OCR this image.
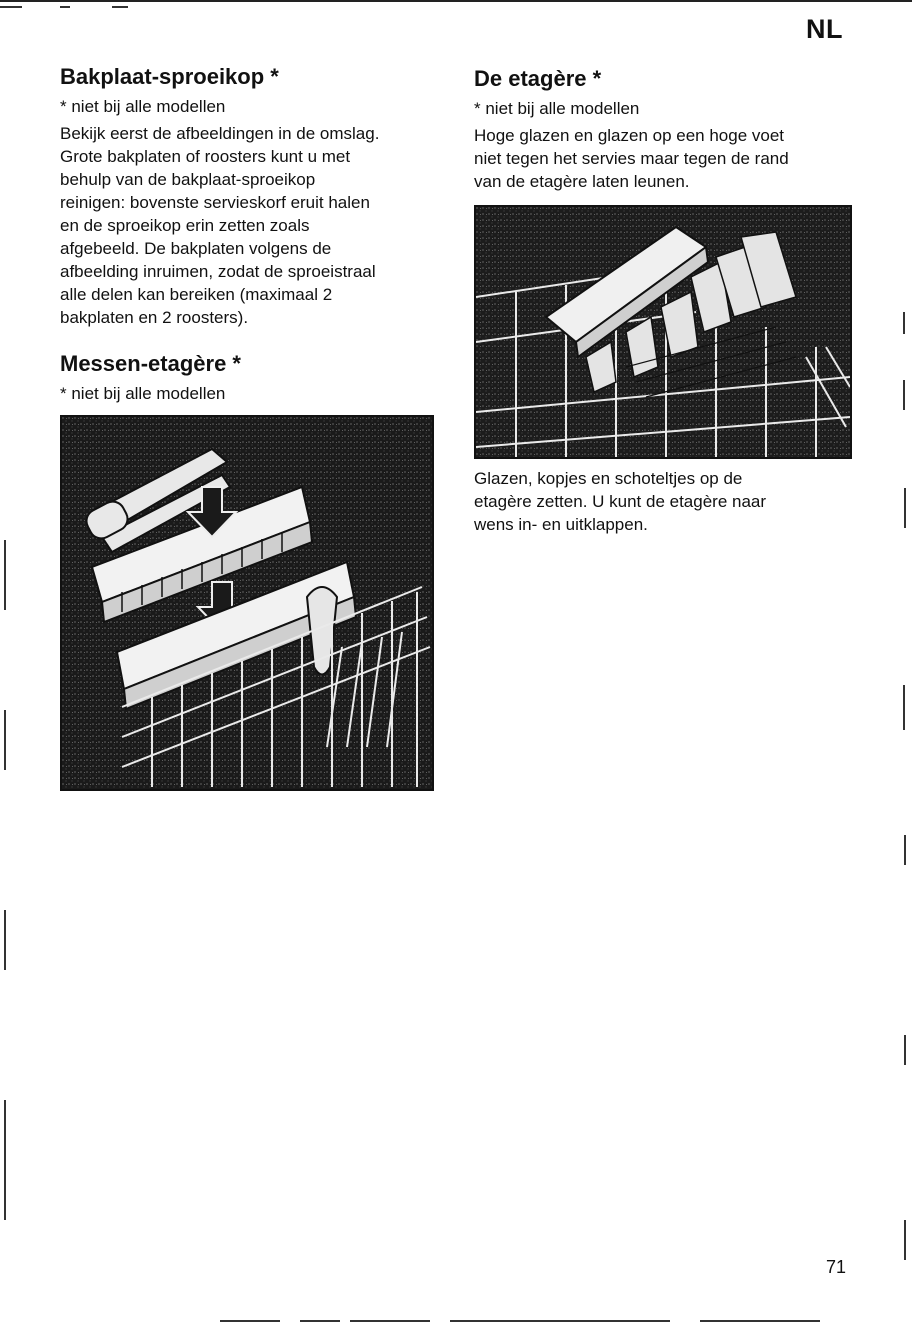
NL
Bakplaat-sproeikop *

* niet bij alle modellen

Bekijk eerst de afbeeldingen in de omslag.
Grote bakplaten of roosters kunt u met
behulp van de bakplaat-sproeikop
reinigen: bovenste servieskorf eruit halen
en de sproeikop erin zetten zoals
afgebeeld. De bakplaten volgens de
afbeelding inruimen, zodat de sproeistraal
alle delen kan bereiken (maximaal 2
bakplaten en 2 roosters).
Messen-etagère *

* niet bij alle modellen

De etagère *

* niet bij alle modellen

Hoge glazen en glazen op een hoge voet
niet tegen het servies maar tegen de rand
van de etagère laten leunen.
Glazen, kopjes en schoteltjes op de
etagère zetten. U kunt de etagère naar
wens in- en uitklappen.
71
